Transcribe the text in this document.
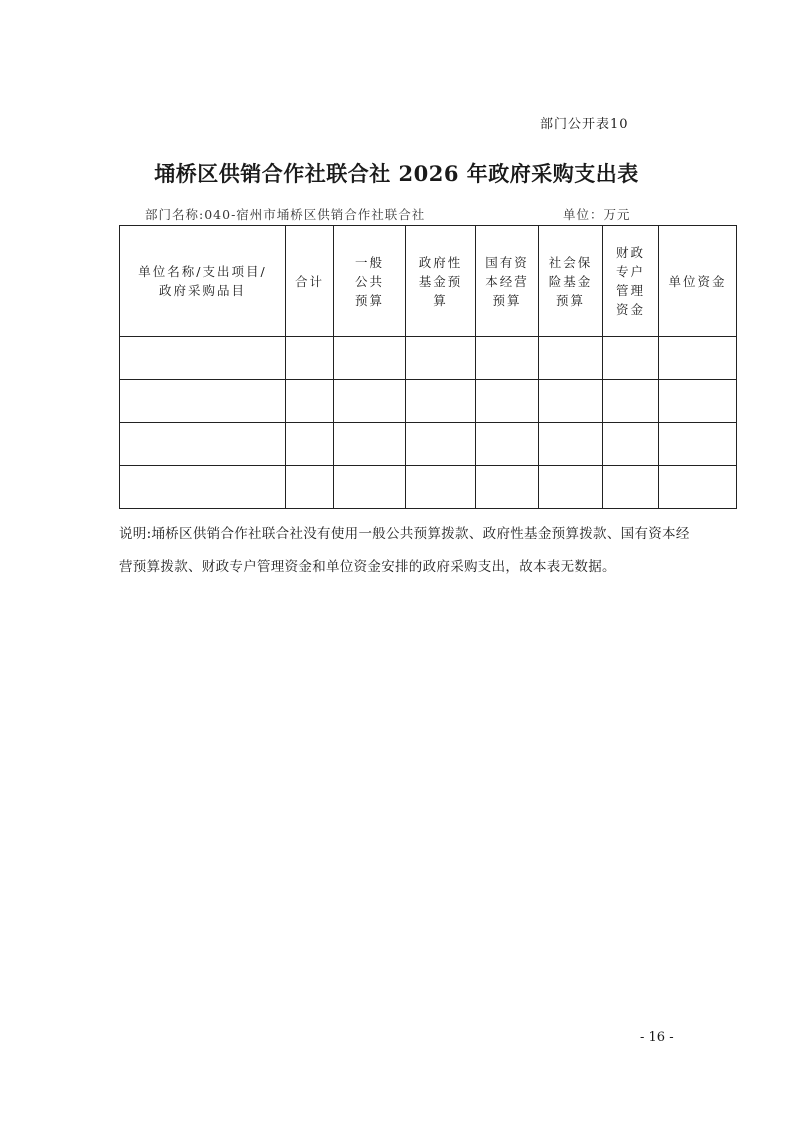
部门公开表10
埇桥区供销合作社联合社 2026 年政府采购支出表
部门名称:040-宿州市埇桥区供销合作社联合社	单位：万元
单位名称/支出项目/政府采购品目	合计	一般公共预算	政府性基金预算	国有资本经营预算	社会保险基金预算	财政专户管理资金	单位资金

说明:埇桥区供销合作社联合社没有使用一般公共预算拨款、政府性基金预算拨款、国有资本经营预算拨款、财政专户管理资金和单位资金安排的政府采购支出，故本表无数据。

- 16 -
